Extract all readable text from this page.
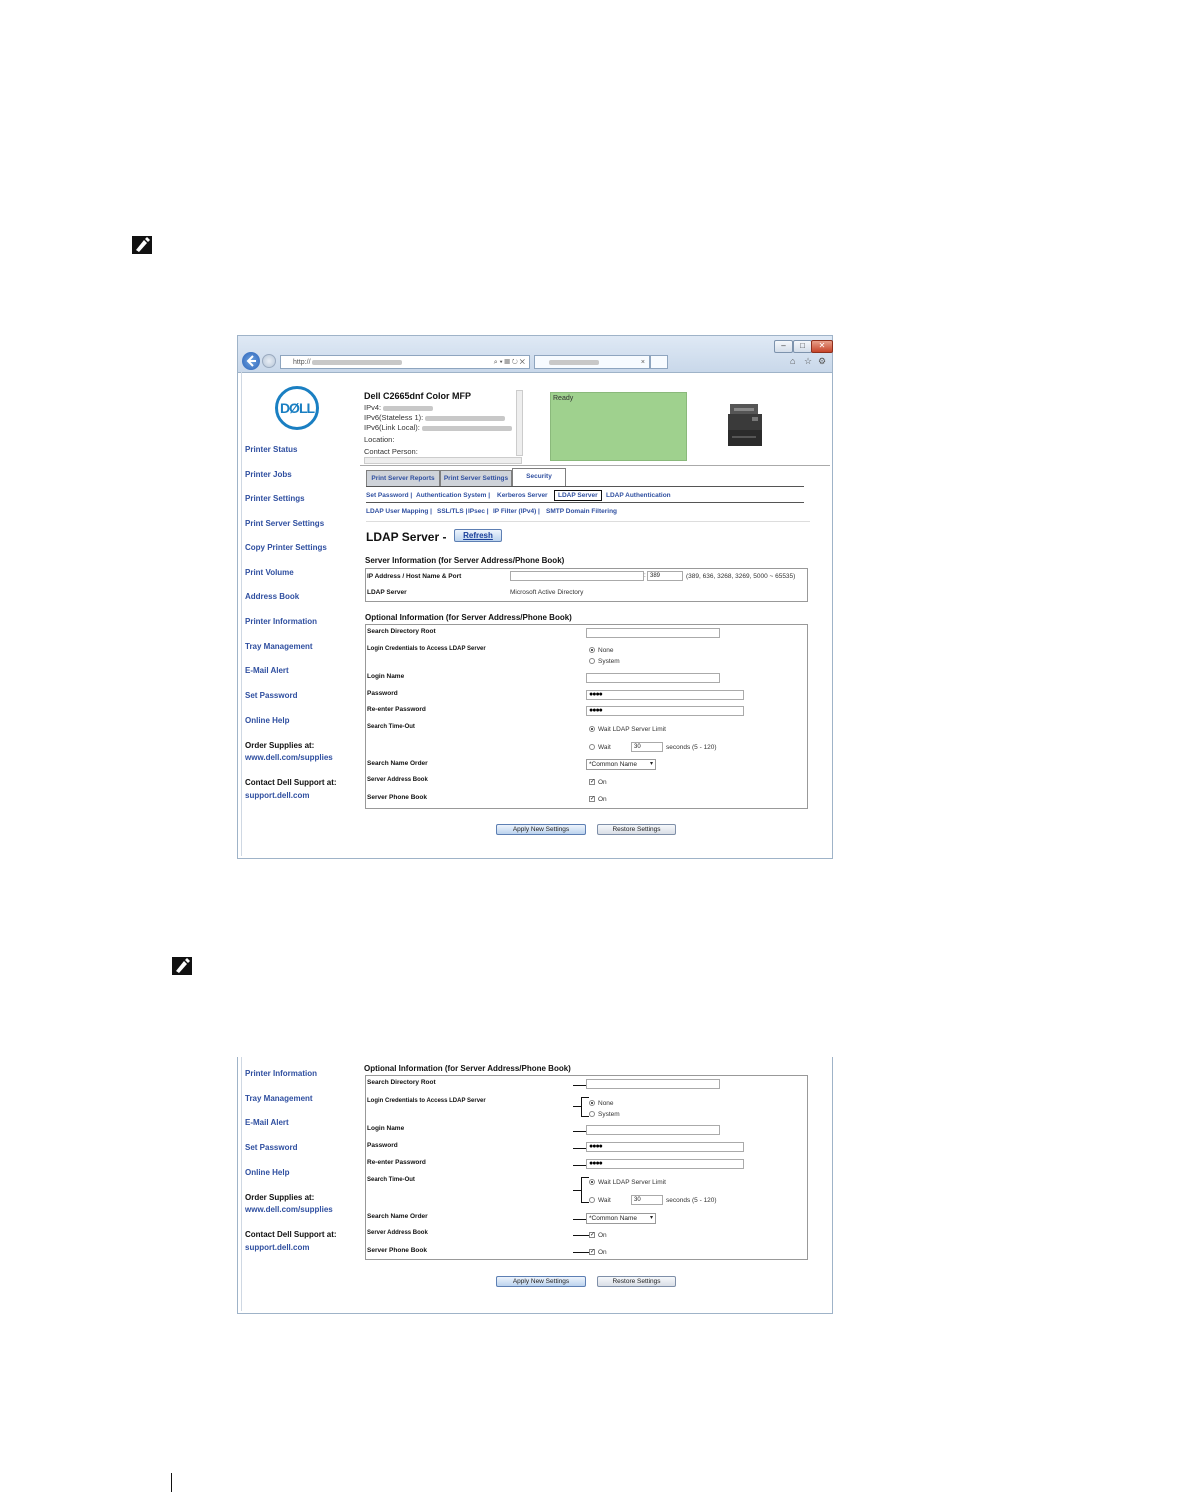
–	□	✕
http://	⌕ ▾ ▤ ↻ ✕	×	⌂ ☆ ⚙
DØLL
Printer Status
Printer Jobs
Printer Settings
Print Server Settings
Copy Printer Settings
Print Volume
Address Book
Printer Information
Tray Management
E-Mail Alert
Set Password
Online Help
Order Supplies at:
www.dell.com/supplies
Contact Dell Support at:
support.dell.com
Dell C2665dnf Color MFP
IPv4:
IPv6(Stateless 1):
IPv6(Link Local):
Location:
Contact Person:
Ready
Print Server Reports	Print Server Settings	Security
Set Password | Authentication System | Kerberos Server	LDAP Server	LDAP Authentication
LDAP User Mapping | SSL/TLS | IPsec | IP Filter (IPv4) | SMTP Domain Filtering
LDAP Server -	Refresh
Server Information (for Server Address/Phone Book)
IP Address / Host Name & Port	: 389	(389, 636, 3268, 3269, 5000 ~ 65535)
LDAP Server	Microsoft Active Directory
Optional Information (for Server Address/Phone Book)
Search Directory Root
Login Credentials to Access LDAP Server	None
System
Login Name
Password	●●●●
Re-enter Password	●●●●
Search Time-Out	Wait LDAP Server Limit
Wait	30	seconds (5 - 120)
Search Name Order	*Common Name ▾
Server Address Book	✓ On
Server Phone Book	✓ On
Apply New Settings	Restore Settings
Printer Information
Tray Management
E-Mail Alert
Set Password
Online Help
Order Supplies at:
www.dell.com/supplies
Contact Dell Support at:
support.dell.com
Optional Information (for Server Address/Phone Book)
Search Directory Root
Login Credentials to Access LDAP Server	None
System
Login Name
Password	●●●●
Re-enter Password	●●●●
Search Time-Out	Wait LDAP Server Limit
Wait	30	seconds (5 - 120)
Search Name Order	*Common Name ▾
Server Address Book	✓ On
Server Phone Book	✓ On
Apply New Settings	Restore Settings
